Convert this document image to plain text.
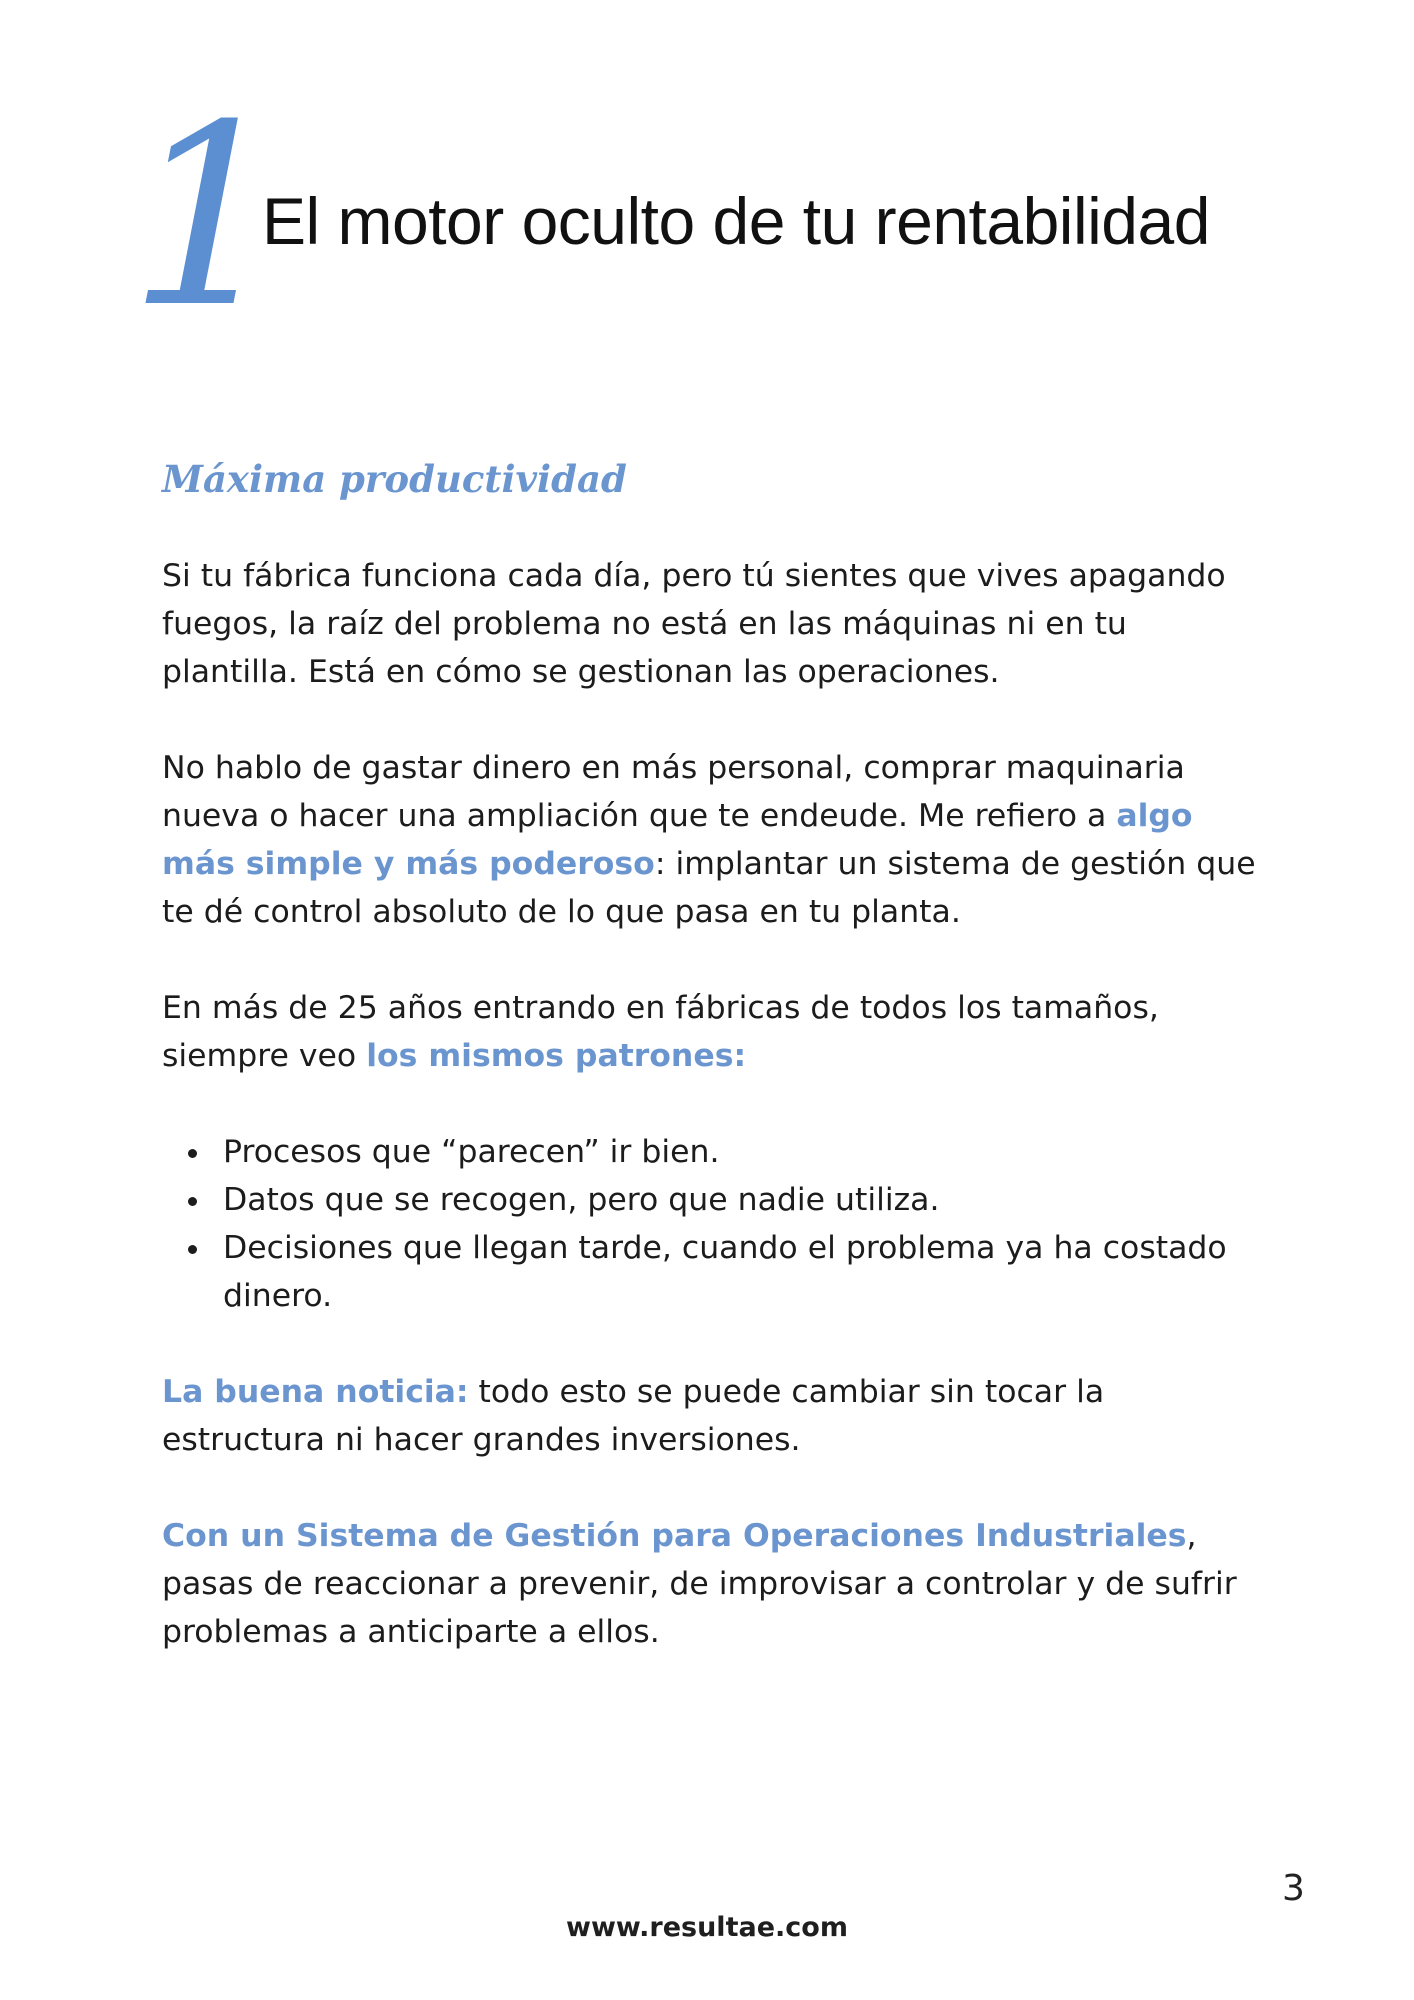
1
El motor oculto de tu rentabilidad
Máxima productividad

Si tu fábrica funciona cada día, pero tú sientes que vives apagando fuegos, la raíz del problema no está en las máquinas ni en tu plantilla. Está en cómo se gestionan las operaciones.

No hablo de gastar dinero en más personal, comprar maquinaria nueva o hacer una ampliación que te endeude. Me refiero a algo más simple y más poderoso: implantar un sistema de gestión que te dé control absoluto de lo que pasa en tu planta.

En más de 25 años entrando en fábricas de todos los tamaños, siempre veo los mismos patrones:

Procesos que “parecen” ir bien.
Datos que se recogen, pero que nadie utiliza.
Decisiones que llegan tarde, cuando el problema ya ha costado dinero.

La buena noticia: todo esto se puede cambiar sin tocar la estructura ni hacer grandes inversiones.

Con un Sistema de Gestión para Operaciones Industriales, pasas de reaccionar a prevenir, de improvisar a controlar y de sufrir problemas a anticiparte a ellos.

3
www.resultae.com
